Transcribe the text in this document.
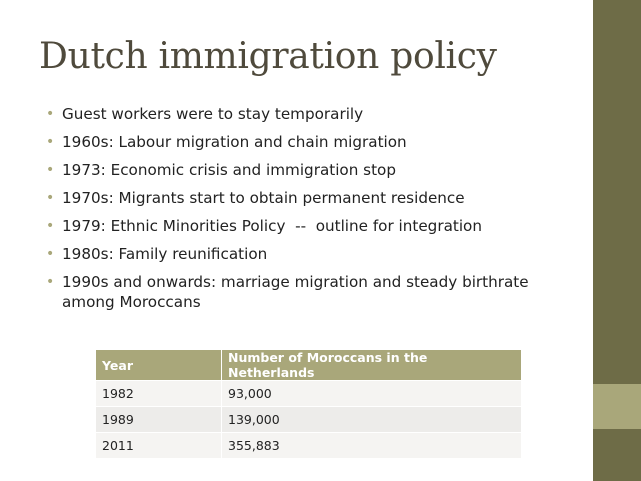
Dutch immigration policy
• Guest workers were to stay temporarily
• 1960s: Labour migration and chain migration
• 1973: Economic crisis and immigration stop
• 1970s: Migrants start to obtain permanent residence
• 1979: Ethnic Minorities Policy  --  outline for integration
• 1980s: Family reunification
• 1990s and onwards: marriage migration and steady birthrate among Moroccans
Year	Number of Moroccans in the Netherlands
1982	93,000
1989	139,000
2011	355,883
